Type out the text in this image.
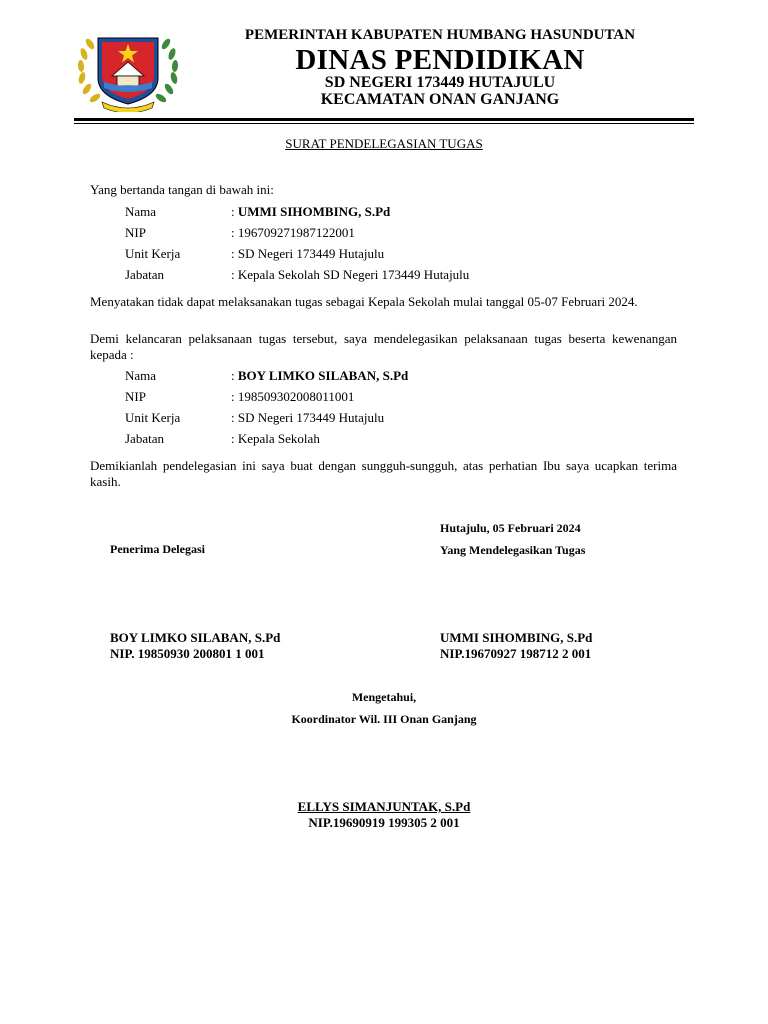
PEMERINTAH KABUPATEN HUMBANG HASUNDUTAN
DINAS PENDIDIKAN
SD NEGERI 173449 HUTAJULU
KECAMATAN ONAN GANJANG
SURAT PENDELEGASIAN TUGAS
Yang bertanda tangan di bawah ini:
Nama	: UMMI SIHOMBING, S.Pd
NIP	: 196709271987122001
Unit Kerja	: SD Negeri 173449 Hutajulu
Jabatan	: Kepala Sekolah SD Negeri 173449 Hutajulu
Menyatakan tidak dapat melaksanakan tugas sebagai Kepala Sekolah mulai tanggal 05-07 Februari 2024.
Demi kelancaran pelaksanaan tugas tersebut, saya mendelegasikan pelaksanaan tugas beserta kewenangan kepada :
Nama	: BOY LIMKO SILABAN, S.Pd
NIP	: 198509302008011001
Unit Kerja	: SD Negeri 173449 Hutajulu
Jabatan	: Kepala Sekolah
Demikianlah pendelegasian ini saya buat dengan sungguh-sungguh, atas perhatian Ibu saya ucapkan terima kasih.
Hutajulu, 05 Februari 2024
Penerima Delegasi	Yang Mendelegasikan Tugas
BOY LIMKO SILABAN, S.Pd
NIP. 19850930 200801 1 001
UMMI SIHOMBING, S.Pd
NIP.19670927 198712 2 001
Mengetahui,
Koordinator Wil. III Onan Ganjang
ELLYS SIMANJUNTAK, S.Pd
NIP.19690919 199305 2 001
